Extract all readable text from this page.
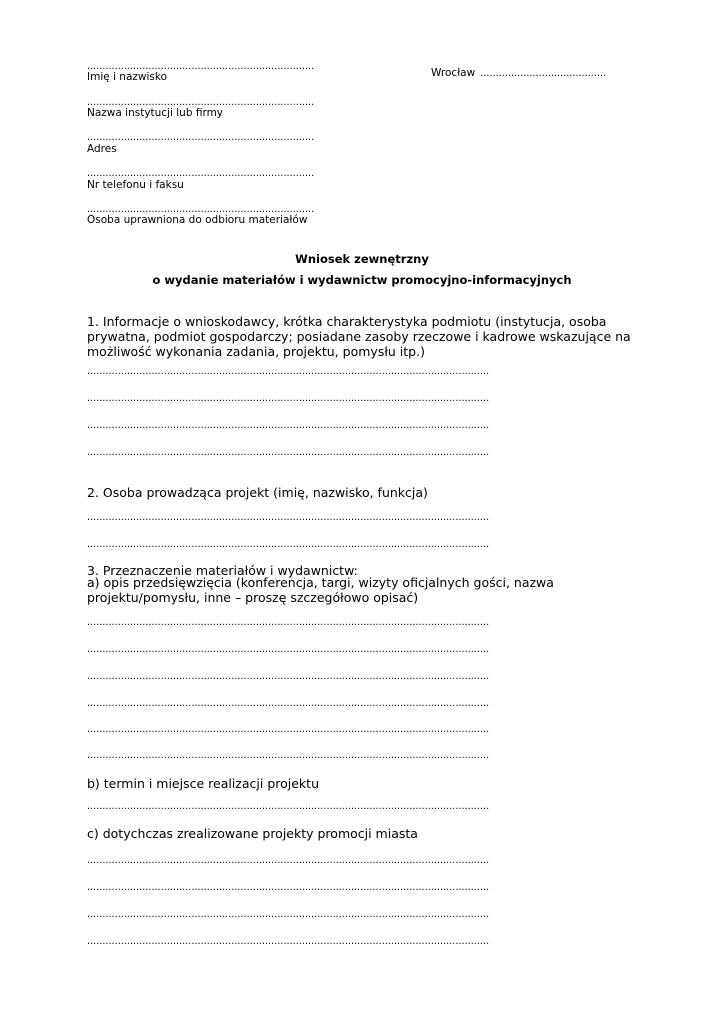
..........................................................................
Imię i nazwisko
..........................................................................
Nazwa instytucji lub firmy
..........................................................................
Adres
..........................................................................
Nr telefonu i faksu
..........................................................................
Osoba uprawniona do odbioru materiałów
Wrocław .........................................
Wniosek zewnętrzny
o wydanie materiałów i wydawnictw promocyjno-informacyjnych
1. Informacje o wnioskodawcy, krótka charakterystyka podmiotu (instytucja, osoba prywatna, podmiot gospodarczy; posiadane zasoby rzeczowe i kadrowe wskazujące na możliwość wykonania zadania, projektu, pomysłu itp.)
...................................................................................................................................
...................................................................................................................................
...................................................................................................................................
...................................................................................................................................
2. Osoba prowadząca projekt (imię, nazwisko, funkcja)
...................................................................................................................................
...................................................................................................................................
3. Przeznaczenie materiałów i wydawnictw:
a) opis przedsięwzięcia (konferencja, targi, wizyty oficjalnych gości, nazwa projektu/pomysłu, inne – proszę szczegółowo opisać)
...................................................................................................................................
...................................................................................................................................
...................................................................................................................................
...................................................................................................................................
...................................................................................................................................
...................................................................................................................................
b) termin i miejsce realizacji projektu
...................................................................................................................................
c) dotychczas zrealizowane projekty promocji miasta
...................................................................................................................................
...................................................................................................................................
...................................................................................................................................
...................................................................................................................................
